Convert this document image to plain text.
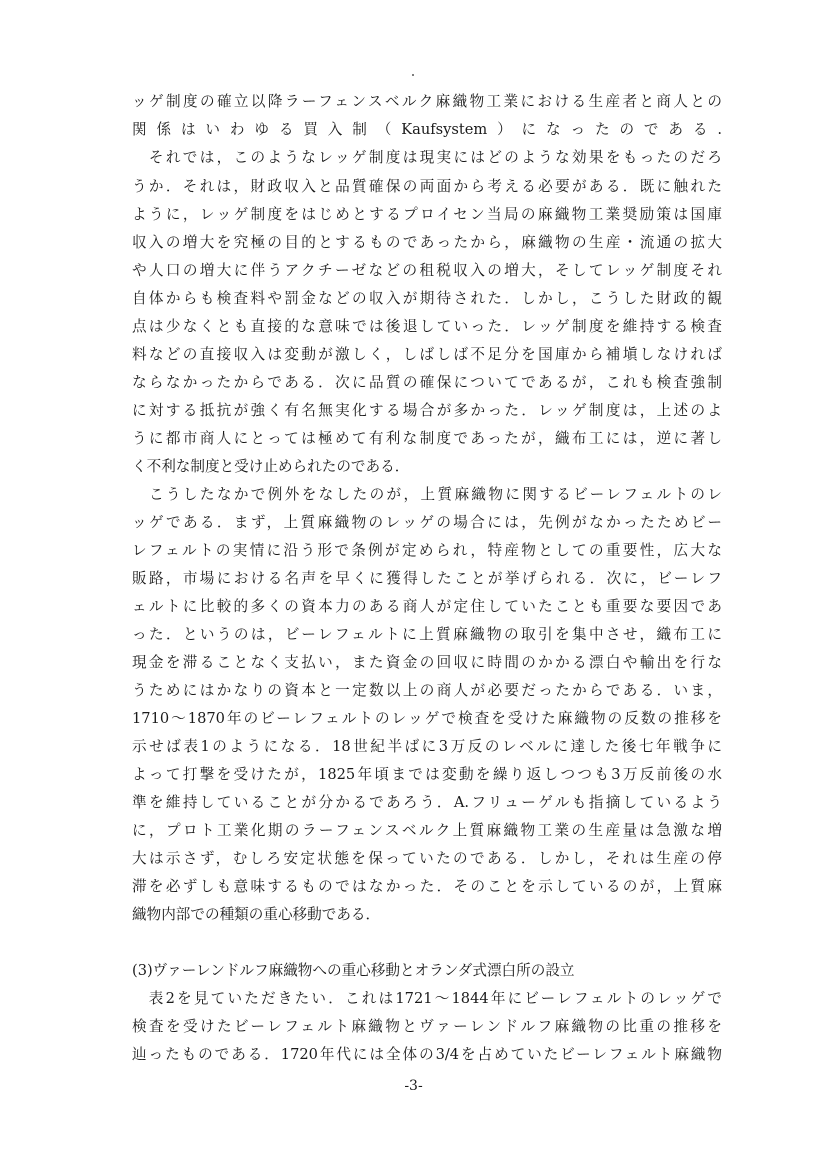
ッゲ制度の確立以降ラーフェンスベルク麻織物工業における生産者と商人との
関係はいわゆる買入制（Kaufsystem）になったのである.
　それでは，このようなレッゲ制度は現実にはどのような効果をもったのだろ
うか．それは，財政収入と品質確保の両面から考える必要がある．既に触れた
ように，レッゲ制度をはじめとするプロイセン当局の麻織物工業奨励策は国庫
収入の増大を究極の目的とするものであったから，麻織物の生産・流通の拡大
や人口の増大に伴うアクチーゼなどの租税収入の増大，そしてレッゲ制度それ
自体からも検査料や罰金などの収入が期待された．しかし，こうした財政的観
点は少なくとも直接的な意味では後退していった．レッゲ制度を維持する検査
料などの直接収入は変動が激しく，しばしば不足分を国庫から補塡しなければ
ならなかったからである．次に品質の確保についてであるが，これも検査強制
に対する抵抗が強く有名無実化する場合が多かった．レッゲ制度は，上述のよ
うに都市商人にとっては極めて有利な制度であったが，織布工には，逆に著し
く不利な制度と受け止められたのである．
　こうしたなかで例外をなしたのが，上質麻織物に関するビーレフェルトのレ
ッゲである．まず，上質麻織物のレッゲの場合には，先例がなかったためビー
レフェルトの実情に沿う形で条例が定められ，特産物としての重要性，広大な
販路，市場における名声を早くに獲得したことが挙げられる．次に，ビーレフ
ェルトに比較的多くの資本力のある商人が定住していたことも重要な要因であ
った．というのは，ビーレフェルトに上質麻織物の取引を集中させ，織布工に
現金を滞ることなく支払い，また資金の回収に時間のかかる漂白や輸出を行な
うためにはかなりの資本と一定数以上の商人が必要だったからである．いま，
1710～1870年のビーレフェルトのレッゲで検査を受けた麻織物の反数の推移を
示せば表1のようになる．18世紀半ばに3万反のレベルに達した後七年戦争に
よって打撃を受けたが，1825年頃までは変動を繰り返しつつも3万反前後の水
準を維持していることが分かるであろう．A.フリューゲルも指摘しているよう
に，プロト工業化期のラーフェンスベルク上質麻織物工業の生産量は急激な増
大は示さず，むしろ安定状態を保っていたのである．しかし，それは生産の停
滞を必ずしも意味するものではなかった．そのことを示しているのが，上質麻
織物内部での種類の重心移動である．
(3)ヴァーレンドルフ麻織物への重心移動とオランダ式漂白所の設立
　表2を見ていただきたい．これは1721～1844年にビーレフェルトのレッゲで
検査を受けたビーレフェルト麻織物とヴァーレンドルフ麻織物の比重の推移を
辿ったものである．1720年代には全体の3/4を占めていたビーレフェルト麻織物
-3-
